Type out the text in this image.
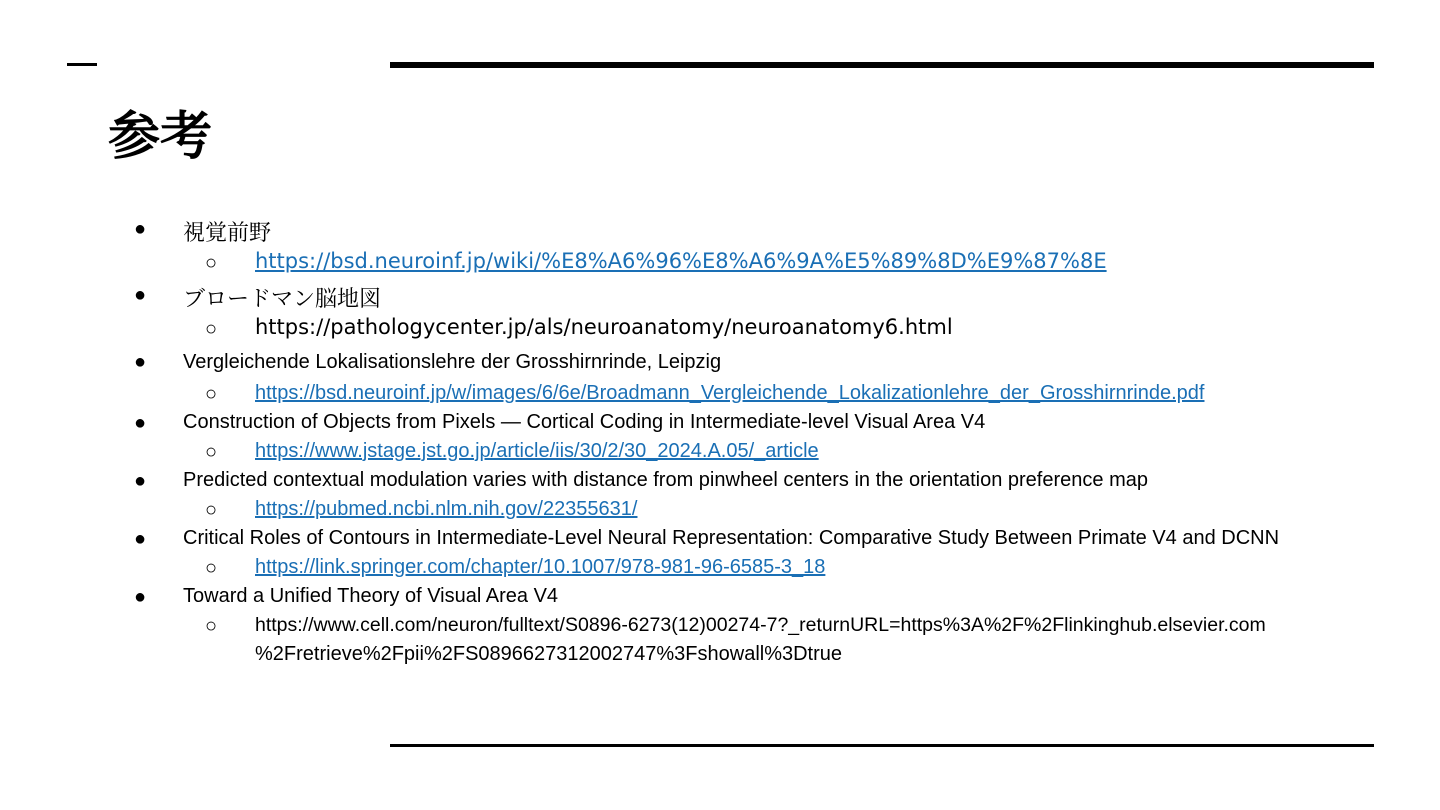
参考
● 視覚前野
○ https://bsd.neuroinf.jp/wiki/%E8%A6%96%E8%A6%9A%E5%89%8D%E9%87%8E
● ブロードマン脳地図
○ https://pathologycenter.jp/als/neuroanatomy/neuroanatomy6.html
● Vergleichende Lokalisationslehre der Grosshirnrinde, Leipzig
○ https://bsd.neuroinf.jp/w/images/6/6e/Broadmann_Vergleichende_Lokalizationlehre_der_Grosshirnrinde.pdf
● Construction of Objects from Pixels — Cortical Coding in Intermediate-level Visual Area V4
○ https://www.jstage.jst.go.jp/article/iis/30/2/30_2024.A.05/_article
● Predicted contextual modulation varies with distance from pinwheel centers in the orientation preference map
○ https://pubmed.ncbi.nlm.nih.gov/22355631/
● Critical Roles of Contours in Intermediate-Level Neural Representation: Comparative Study Between Primate V4 and DCNN
○ https://link.springer.com/chapter/10.1007/978-981-96-6585-3_18
● Toward a Unified Theory of Visual Area V4
○ https://www.cell.com/neuron/fulltext/S0896-6273(12)00274-7?_returnURL=https%3A%2F%2Flinkinghub.elsevier.com
%2Fretrieve%2Fpii%2FS0896627312002747%3Fshowall%3Dtrue
